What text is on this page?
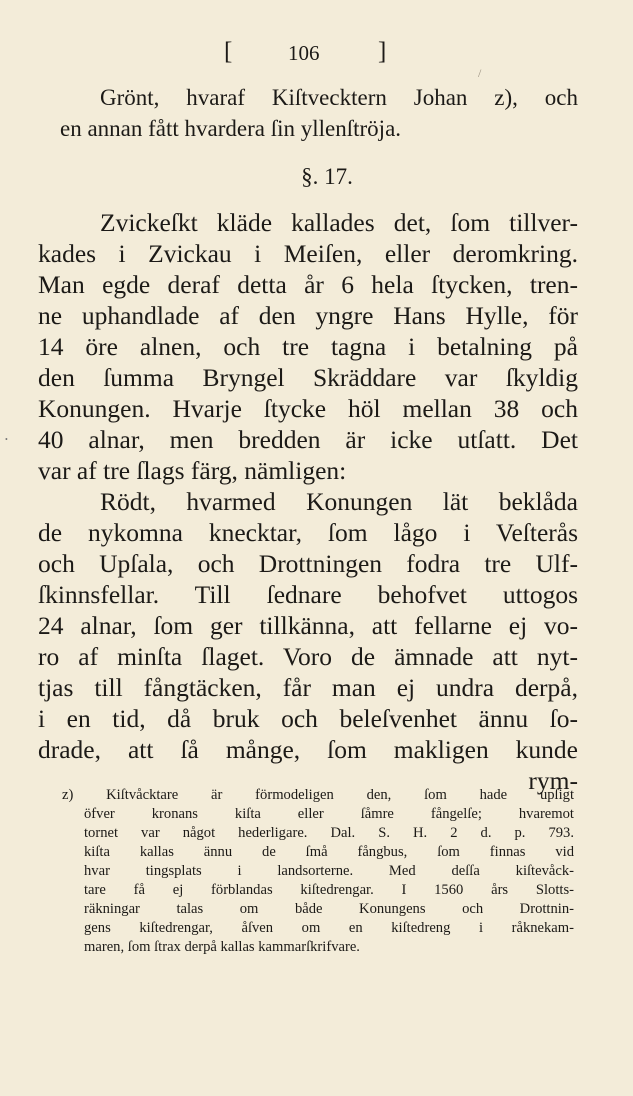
[	106 ]
/
•
Grönt, hvaraf Kiſtvecktern Johan z), och
en annan fått hvardera ſin yllenſtröja.
§. 17.
Zvickeſkt kläde kallades det, ſom tillver-
kades i Zvickau i Meiſen, eller deromkring.
Man egde deraf detta år 6 hela ſtycken, tren-
ne uphandlade af den yngre Hans Hylle, för
14 öre alnen, och tre tagna i betalning på
den ſumma Bryngel Skräddare var ſkyldig
Konungen. Hvarje ſtycke höl mellan 38 och
40 alnar, men bredden är icke utſatt. Det
var af tre ſlags färg, nämligen:
Rödt, hvarmed Konungen lät beklåda
de nykomna knecktar, ſom lågo i Veſterås
och Upſala, och Drottningen fodra tre Ulf-
ſkinnsfellar. Till ſednare behofvet uttogos
24 alnar, ſom ger tillkänna, att fellarne ej vo-
ro af minſta ſlaget. Voro de ämnade att nyt-
tjas till fångtäcken, får man ej undra derpå,
i en tid, då bruk och beleſvenhet ännu ſo-
drade, att ſå månge, ſom makligen kunde
rym-
z) Kiſtvåcktare är förmodeligen den, ſom hade upſigt
öfver kronans kiſta eller ſåmre fångelſe; hvaremot
tornet var något hederligare. Dal. S. H. 2 d. p. 793.
kiſta kallas ännu de ſmå fångbus, ſom finnas vid
hvar tingsplats i landsorterne. Med deſſa kiſtevåck-
tare få ej förblandas kiſtedrengar. I 1560 års Slotts-
räkningar talas om både Konungens och Drottnin-
gens kiſtedrengar, åſven om en kiſtedreng i råknekam-
maren, ſom ſtrax derpå kallas kammarſkrifvare.
